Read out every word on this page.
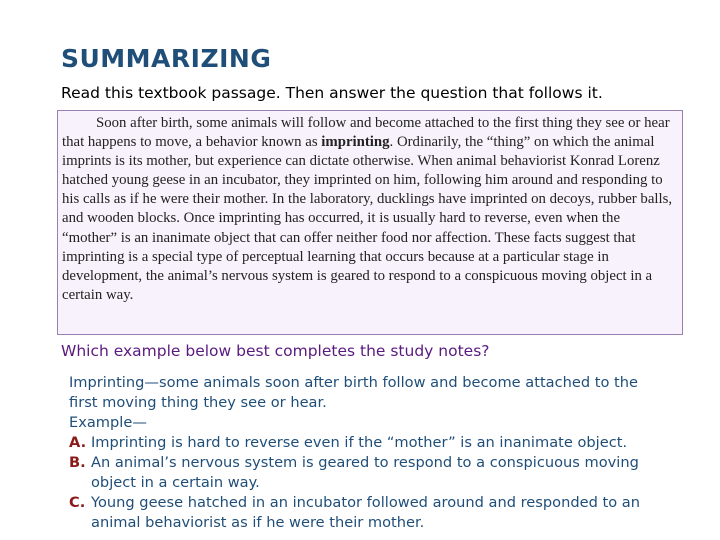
SUMMARIZING
Read this textbook passage. Then answer the question that follows it.

Soon after birth, some animals will follow and become attached to the first thing they see or hear that happens to move, a behavior known as imprinting. Ordinarily, the “thing” on which the animal imprints is its mother, but experience can dictate otherwise. When animal behaviorist Konrad Lorenz hatched young geese in an incubator, they imprinted on him, following him around and responding to his calls as if he were their mother. In the laboratory, ducklings have imprinted on decoys, rubber balls, and wooden blocks. Once imprinting has occurred, it is usually hard to reverse, even when the “mother” is an inanimate object that can offer neither food nor affection. These facts suggest that imprinting is a special type of perceptual learning that occurs because at a particular stage in development, the animal’s nervous system is geared to respond to a conspicuous moving object in a certain way.

Which example below best completes the study notes?
Imprinting—some animals soon after birth follow and become attached to the first moving thing they see or hear.
Example—
A. Imprinting is hard to reverse even if the “mother” is an inanimate object.
B. An animal’s nervous system is geared to respond to a conspicuous moving object in a certain way.
C. Young geese hatched in an incubator followed around and responded to an animal behaviorist as if he were their mother.
